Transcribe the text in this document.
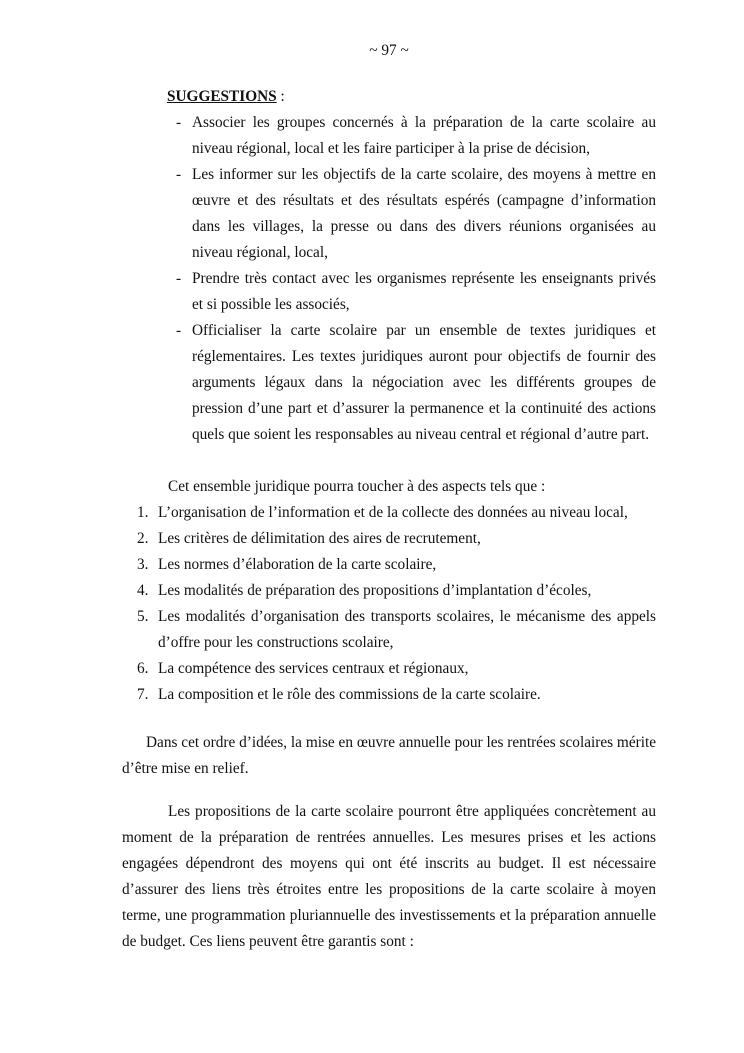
~ 97 ~
SUGGESTIONS :
- Associer les groupes concernés à la préparation de la carte scolaire au niveau régional, local et les faire participer à la prise de décision,
- Les informer sur les objectifs de la carte scolaire, des moyens à mettre en œuvre et des résultats et des résultats espérés (campagne d’information dans les villages, la presse ou dans des divers réunions organisées au niveau régional, local,
- Prendre très contact avec les organismes représente les enseignants privés et si possible les associés,
- Officialiser la carte scolaire par un ensemble de textes juridiques et réglementaires. Les textes juridiques auront pour objectifs de fournir des arguments légaux dans la négociation avec les différents groupes de pression d’une part et d’assurer la permanence et la continuité des actions quels que soient les responsables au niveau central et régional d’autre part.

Cet ensemble juridique pourra toucher à des aspects tels que :

1. L’organisation de l’information et de la collecte des données au niveau local,
2. Les critères de délimitation des aires de recrutement,
3. Les normes d’élaboration de la carte scolaire,
4. Les modalités de préparation des propositions d’implantation d’écoles,
5. Les modalités d’organisation des transports scolaires, le mécanisme des appels d’offre pour les constructions scolaire,
6. La compétence des services centraux et régionaux,
7. La composition et le rôle des commissions de la carte scolaire.

Dans cet ordre d’idées, la mise en œuvre annuelle pour les rentrées scolaires mérite d’être mise en relief.

Les propositions de la carte scolaire pourront être appliquées concrètement au moment de la préparation de rentrées annuelles. Les mesures prises et les actions engagées dépendront des moyens qui ont été inscrits au budget. Il est nécessaire d’assurer des liens très étroites entre les propositions de la carte scolaire à moyen terme, une programmation pluriannuelle des investissements et la préparation annuelle de budget. Ces liens peuvent être garantis sont :
